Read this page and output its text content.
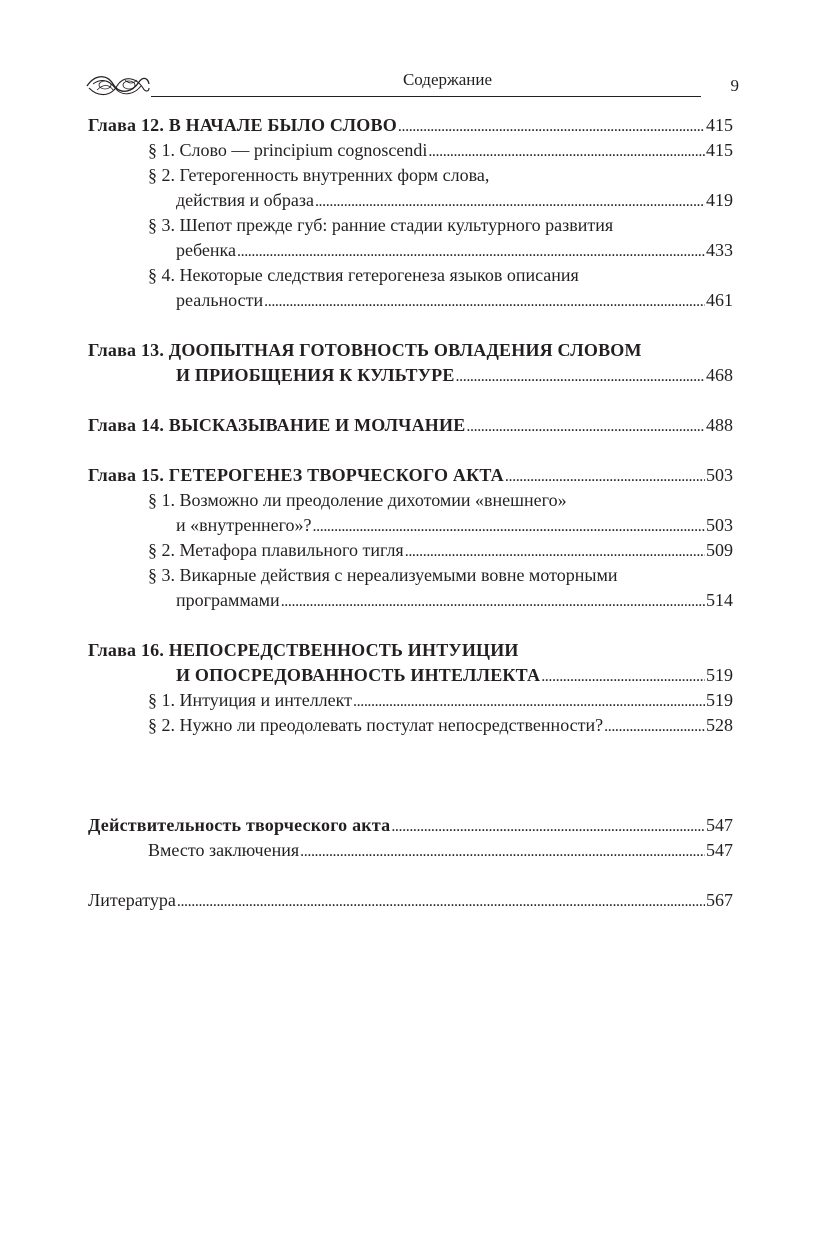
Содержание	9
Глава 12. В НАЧАЛЕ БЫЛО СЛОВО . . .	415
§ 1. Слово — principium cognoscendi . . .	415
§ 2. Гетерогенность внутренних форм слова,
действия и образа . . .	419
§ 3. Шепот прежде губ: ранние стадии культурного развития
ребенка . . .	433
§ 4. Некоторые следствия гетерогенеза языков описания
реальности . . .	461
Глава 13. ДООПЫТНАЯ ГОТОВНОСТЬ ОВЛАДЕНИЯ СЛОВОМ
И ПРИОБЩЕНИЯ К КУЛЬТУРЕ . . .	468
Глава 14. ВЫСКАЗЫВАНИЕ И МОЛЧАНИЕ . . .	488
Глава 15. ГЕТЕРОГЕНЕЗ ТВОРЧЕСКОГО АКТА . . .	503
§ 1. Возможно ли преодоление дихотомии «внешнего»
и «внутреннего»? . . .	503
§ 2. Метафора плавильного тигля . . .	509
§ 3. Викарные действия с нереализуемыми вовне моторными
программами . . .	514
Глава 16. НЕПОСРЕДСТВЕННОСТЬ ИНТУИЦИИ
И ОПОСРЕДОВАННОСТЬ ИНТЕЛЛЕКТА . . .	519
§ 1. Интуиция и интеллект . . .	519
§ 2. Нужно ли преодолевать постулат непосредственности? . . .	528
Действительность творческого акта . . .	547
Вместо заключения . . .	547
Литература . . .	567
